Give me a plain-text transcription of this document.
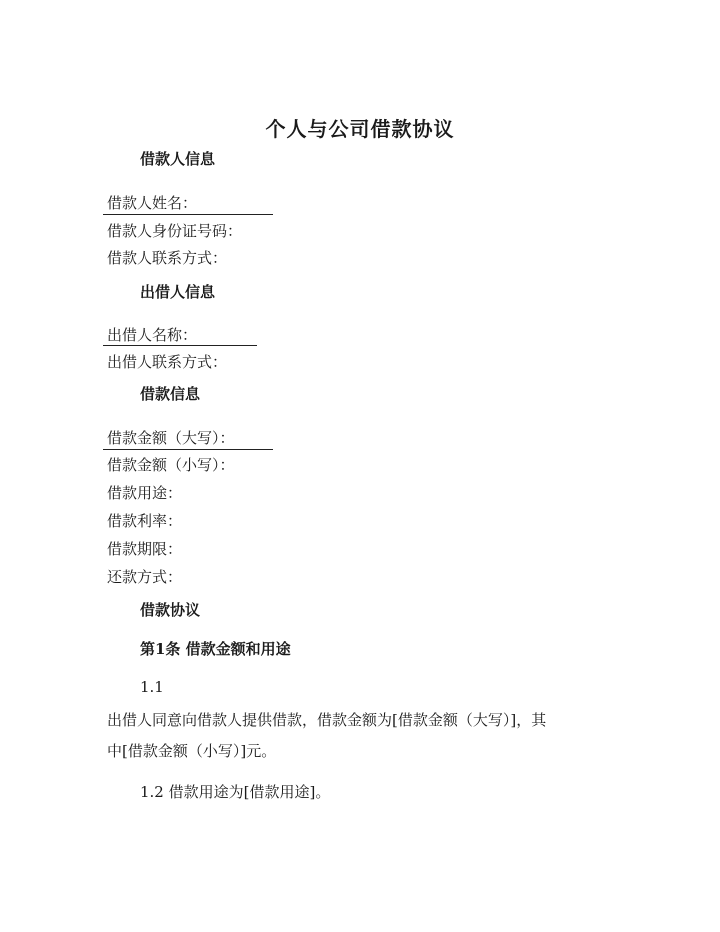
个人与公司借款协议
借款人信息
借款人姓名：
借款人身份证号码：
借款人联系方式：
出借人信息
出借人名称：
出借人联系方式：
借款信息
借款金额（大写）：
借款金额（小写）：
借款用途：
借款利率：
借款期限：
还款方式：
借款协议
第1条 借款金额和用途
1.1
出借人同意向借款人提供借款，借款金额为[借款金额（大写）]，其
中[借款金额（小写）]元。
1.2 借款用途为[借款用途]。
